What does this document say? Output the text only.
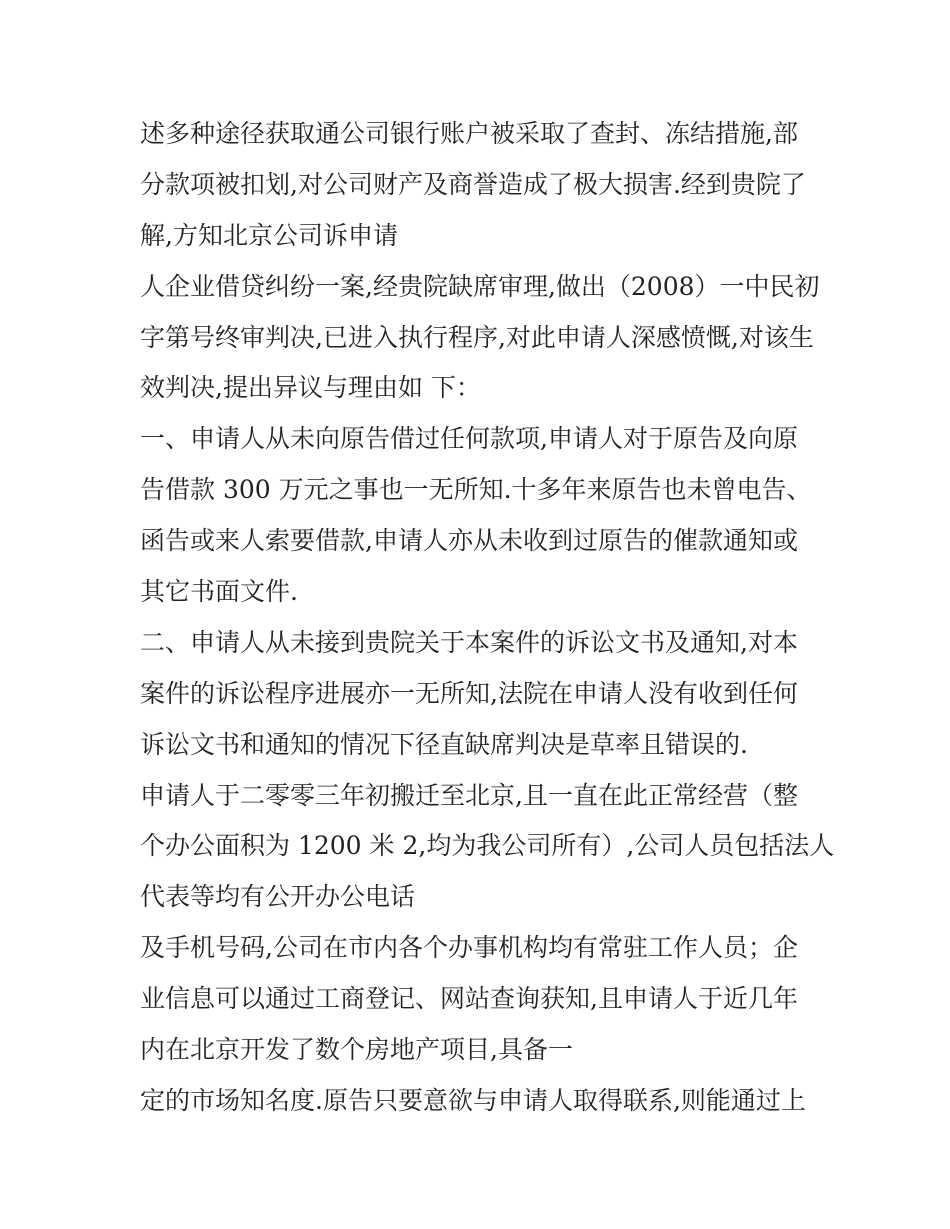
述多种途径获取通公司银行账户被采取了查封、冻结措施,部
分款项被扣划,对公司财产及商誉造成了极大损害.经到贵院了
解,方知北京公司诉申请
人企业借贷纠纷一案,经贵院缺席审理,做出（2008）一中民初
字第号终审判决,已进入执行程序,对此申请人深感愤慨,对该生
效判决,提出异议与理由如 下：
一、申请人从未向原告借过任何款项,申请人对于原告及向原
告借款 300 万元之事也一无所知.十多年来原告也未曾电告、
函告或来人索要借款,申请人亦从未收到过原告的催款通知或
其它书面文件.
二、申请人从未接到贵院关于本案件的诉讼文书及通知,对本
案件的诉讼程序进展亦一无所知,法院在申请人没有收到任何
诉讼文书和通知的情况下径直缺席判决是草率且错误的.
申请人于二零零三年初搬迁至北京,且一直在此正常经营（整
个办公面积为 1200 米 2,均为我公司所有）,公司人员包括法人
代表等均有公开办公电话
及手机号码,公司在市内各个办事机构均有常驻工作人员；企
业信息可以通过工商登记、网站查询获知,且申请人于近几年
内在北京开发了数个房地产项目,具备一
定的市场知名度.原告只要意欲与申请人取得联系,则能通过上
